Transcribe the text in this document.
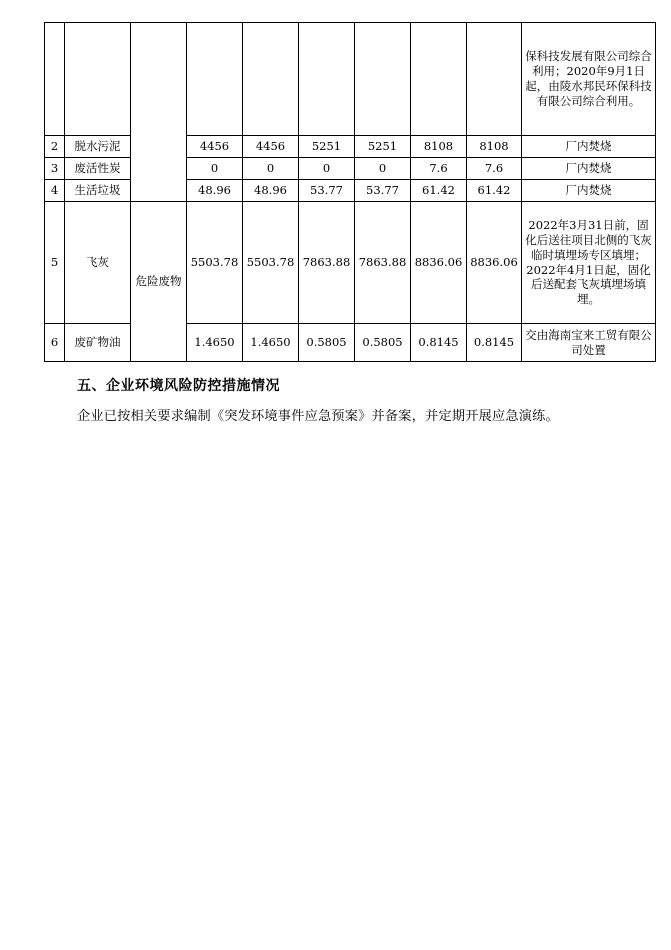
									保科技发展有限公司综合利用；2020年9月1日起，由陵水邦民环保科技有限公司综合利用。
2	脱水污泥		4456	4456	5251	5251	8108	8108	厂内焚烧
3	废活性炭		0	0	0	0	7.6	7.6	厂内焚烧
4	生活垃圾		48.96	48.96	53.77	53.77	61.42	61.42	厂内焚烧
5	飞灰	危险废物	5503.78	5503.78	7863.88	7863.88	8836.06	8836.06	2022年3月31日前，固化后送往项目北侧的飞灰临时填埋场专区填埋；2022年4月1日起，固化后送配套飞灰填埋场填埋。
6	废矿物油		1.4650	1.4650	0.5805	0.5805	0.8145	0.8145	交由海南宝来工贸有限公司处置
五、企业环境风险防控措施情况
企业已按相关要求编制《突发环境事件应急预案》并备案，并定期开展应急演练。
